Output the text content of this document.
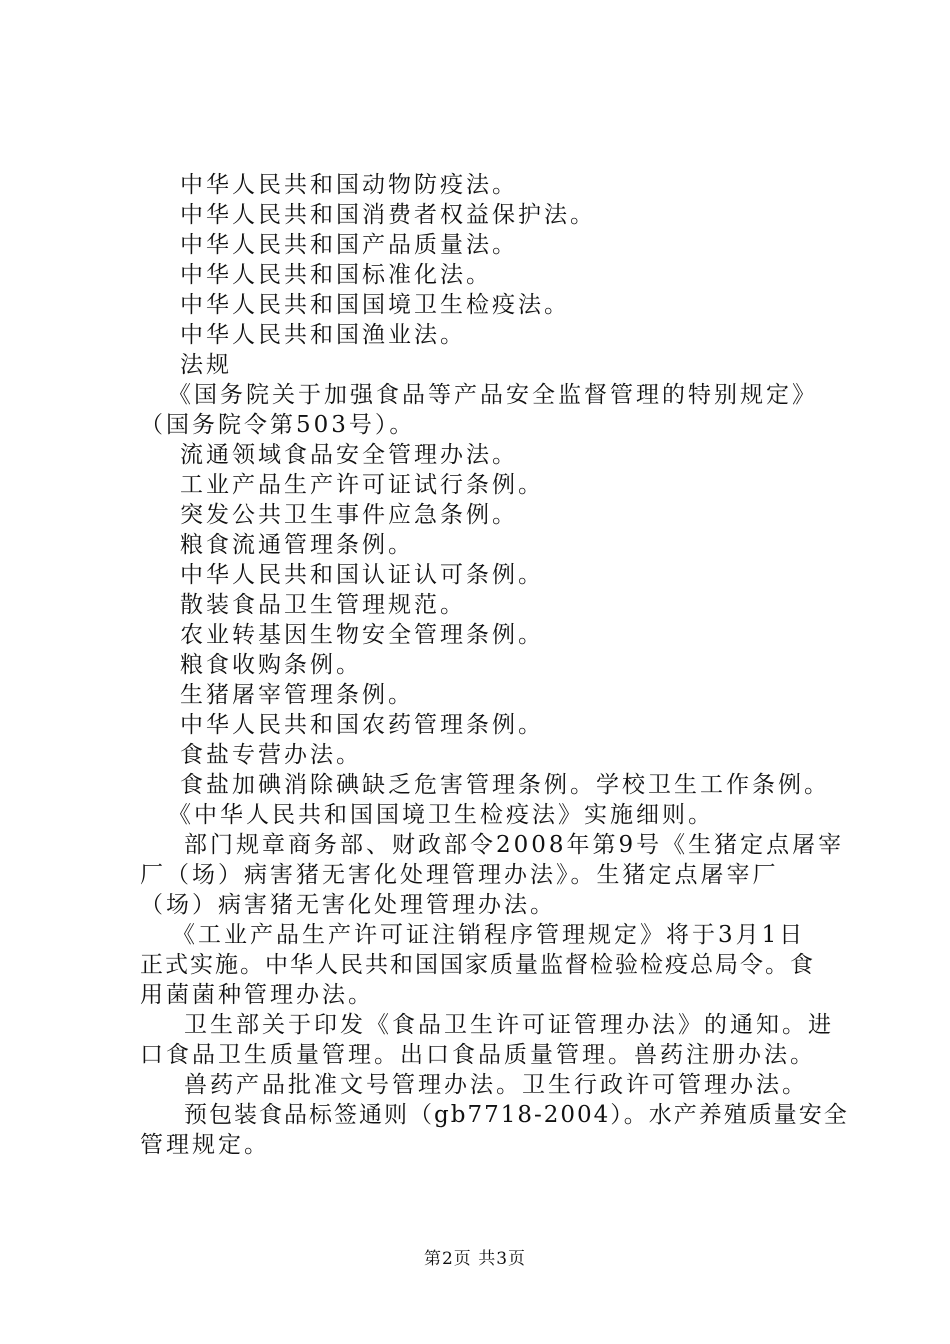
中华人民共和国动物防疫法。
中华人民共和国消费者权益保护法。
中华人民共和国产品质量法。
中华人民共和国标准化法。
中华人民共和国国境卫生检疫法。
中华人民共和国渔业法。
法规
《国务院关于加强食品等产品安全监督管理的特别规定》
（国务院令第503号）。
流通领域食品安全管理办法。
工业产品生产许可证试行条例。
突发公共卫生事件应急条例。
粮食流通管理条例。
中华人民共和国认证认可条例。
散装食品卫生管理规范。
农业转基因生物安全管理条例。
粮食收购条例。
生猪屠宰管理条例。
中华人民共和国农药管理条例。
食盐专营办法。
食盐加碘消除碘缺乏危害管理条例。学校卫生工作条例。
《中华人民共和国国境卫生检疫法》实施细则。
部门规章商务部、财政部令2008年第9号《生猪定点屠宰
厂（场）病害猪无害化处理管理办法》。生猪定点屠宰厂
（场）病害猪无害化处理管理办法。
《工业产品生产许可证注销程序管理规定》将于3月1日
正式实施。中华人民共和国国家质量监督检验检疫总局令。食
用菌菌种管理办法。
卫生部关于印发《食品卫生许可证管理办法》的通知。进
口食品卫生质量管理。出口食品质量管理。兽药注册办法。
兽药产品批准文号管理办法。卫生行政许可管理办法。
预包装食品标签通则（gb7718-2004）。水产养殖质量安全
管理规定。
第2页 共3页
